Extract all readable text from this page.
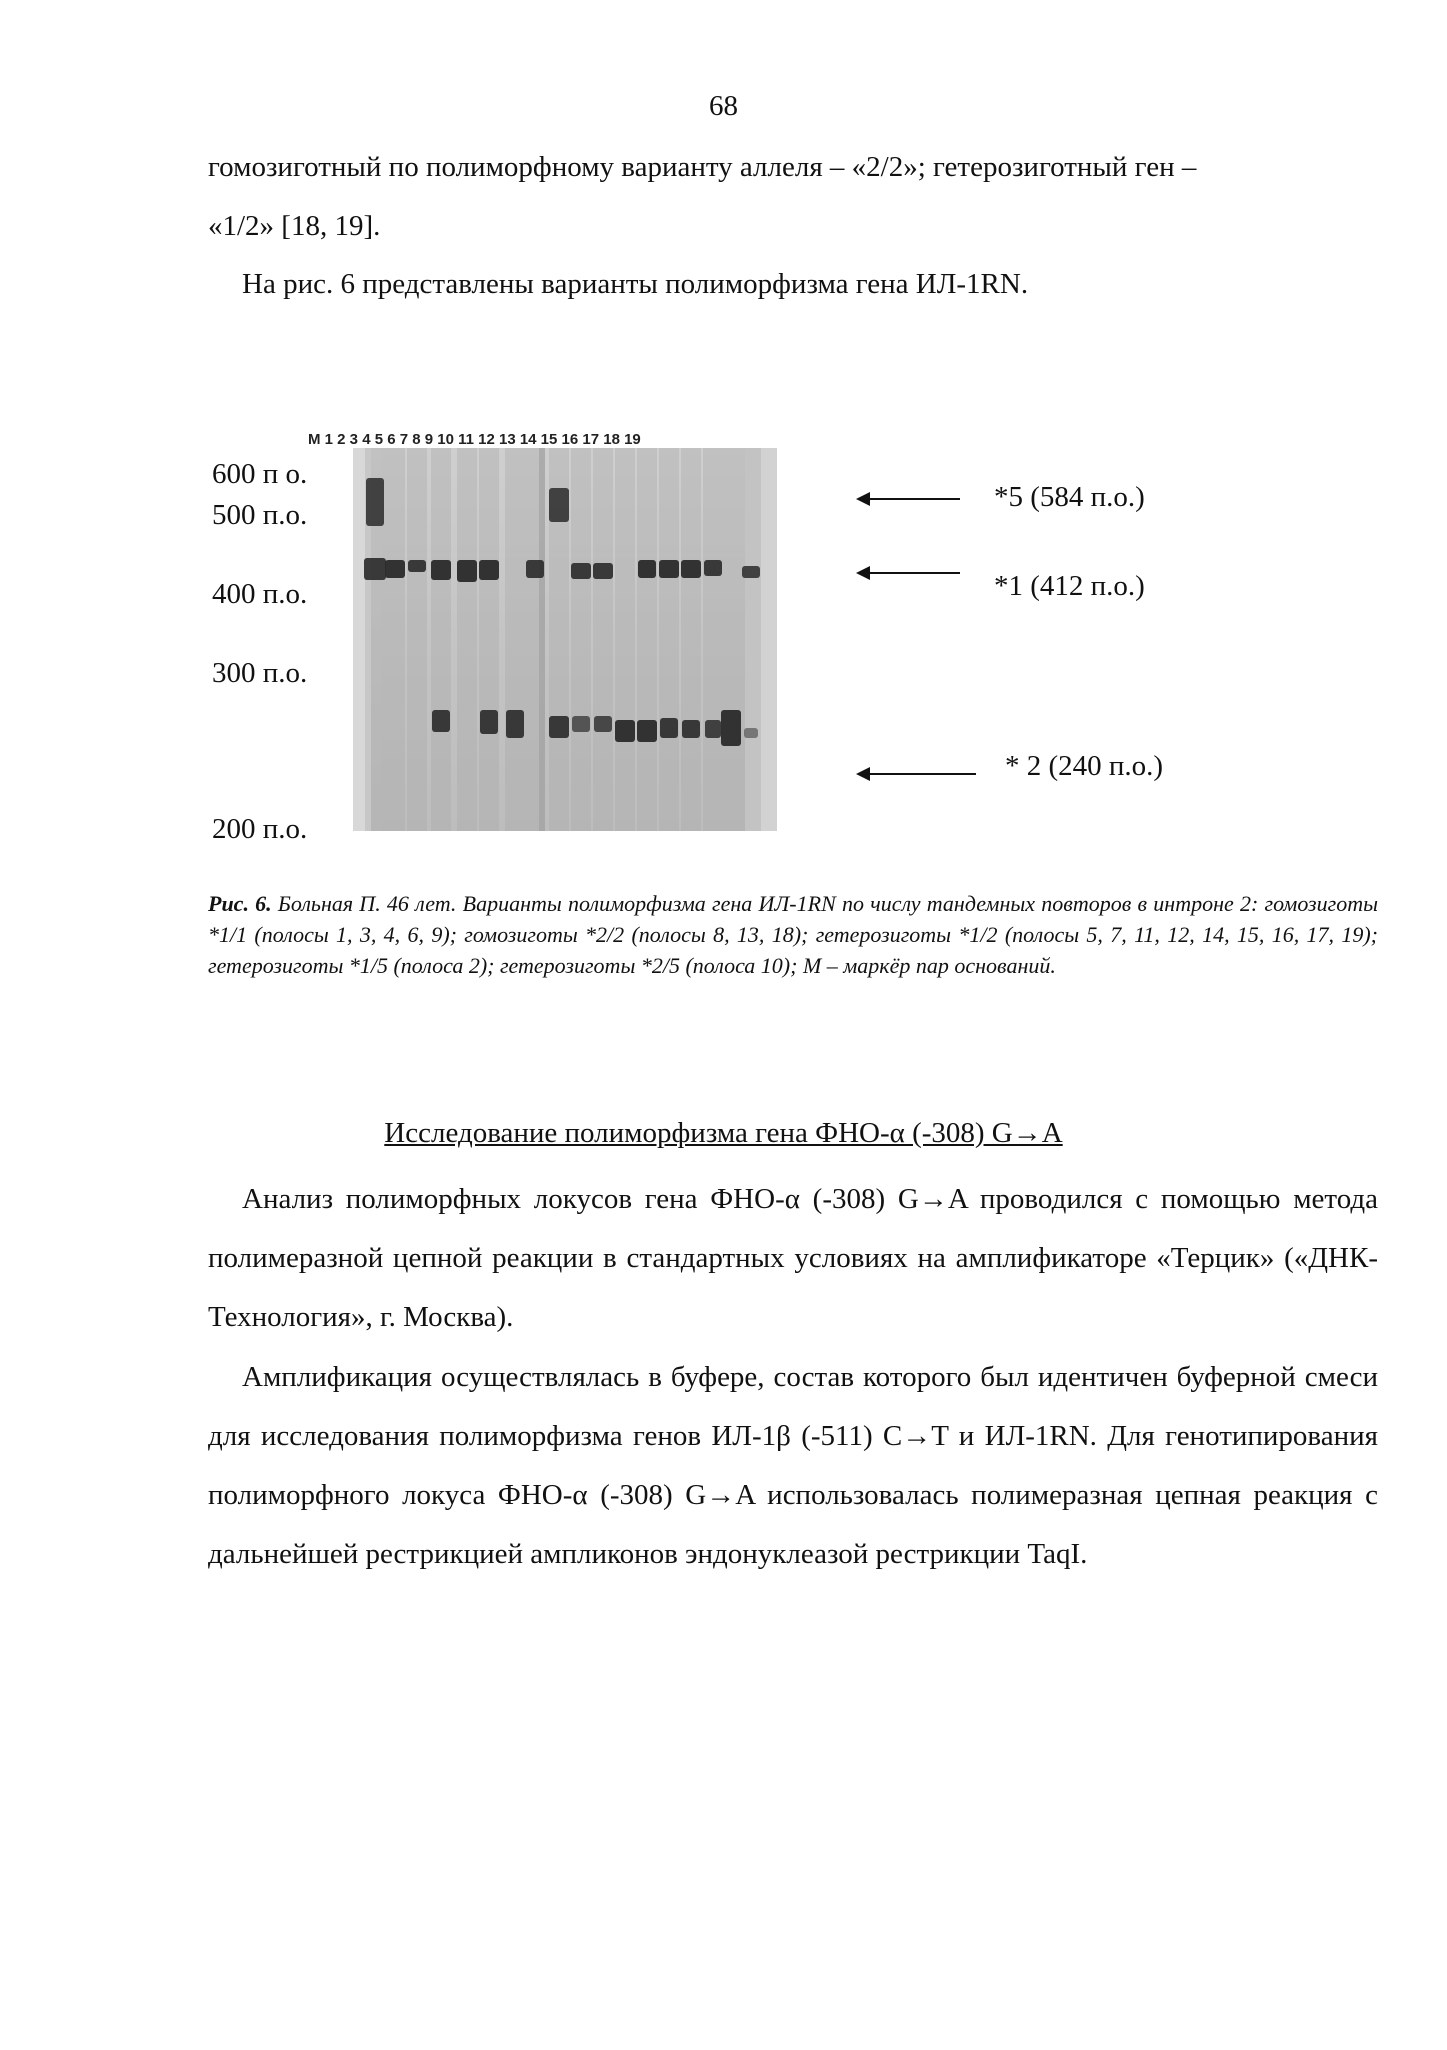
68

гомозиготный по полиморфному варианту аллеля – «2/2»; гетерозиготный ген –
«1/2» [18, 19].

На рис. 6 представлены варианты полиморфизма гена ИЛ-1RN.

M 1 2 3 4 5 6 7 8 9 10 11 12 13 14 15 16 17 18 19
600 п о.
500 п.о.
400 п.о.
300 п.о.
200 п.о.
*5 (584 п.о.)
*1 (412 п.о.)
* 2 (240 п.о.)

Рис. 6. Больная П. 46 лет. Варианты полиморфизма гена ИЛ-1RN по числу тандемных повторов в интроне 2: гомозиготы *1/1 (полосы 1, 3, 4, 6, 9); гомозиготы *2/2 (полосы 8, 13, 18); гетерозиготы *1/2 (полосы 5, 7, 11, 12, 14, 15, 16, 17, 19); гетерозиготы *1/5 (полоса 2); гетерозиготы *2/5 (полоса 10); М – маркёр пар оснований.

Исследование полиморфизма гена ФНО-α (-308) G→A

Анализ полиморфных локусов гена ФНО-α (-308) G→A проводился с помощью метода полимеразной цепной реакции в стандартных условиях на амплификаторе «Терцик» («ДНК-Технология», г. Москва).

Амплификация осуществлялась в буфере, состав которого был идентичен буферной смеси для исследования полиморфизма генов ИЛ-1β (-511) C→T и ИЛ-1RN. Для генотипирования полиморфного локуса ФНО-α (-308) G→A использовалась полимеразная цепная реакция с дальнейшей рестрикцией ампликонов эндонуклеазой рестрикции TaqI.
